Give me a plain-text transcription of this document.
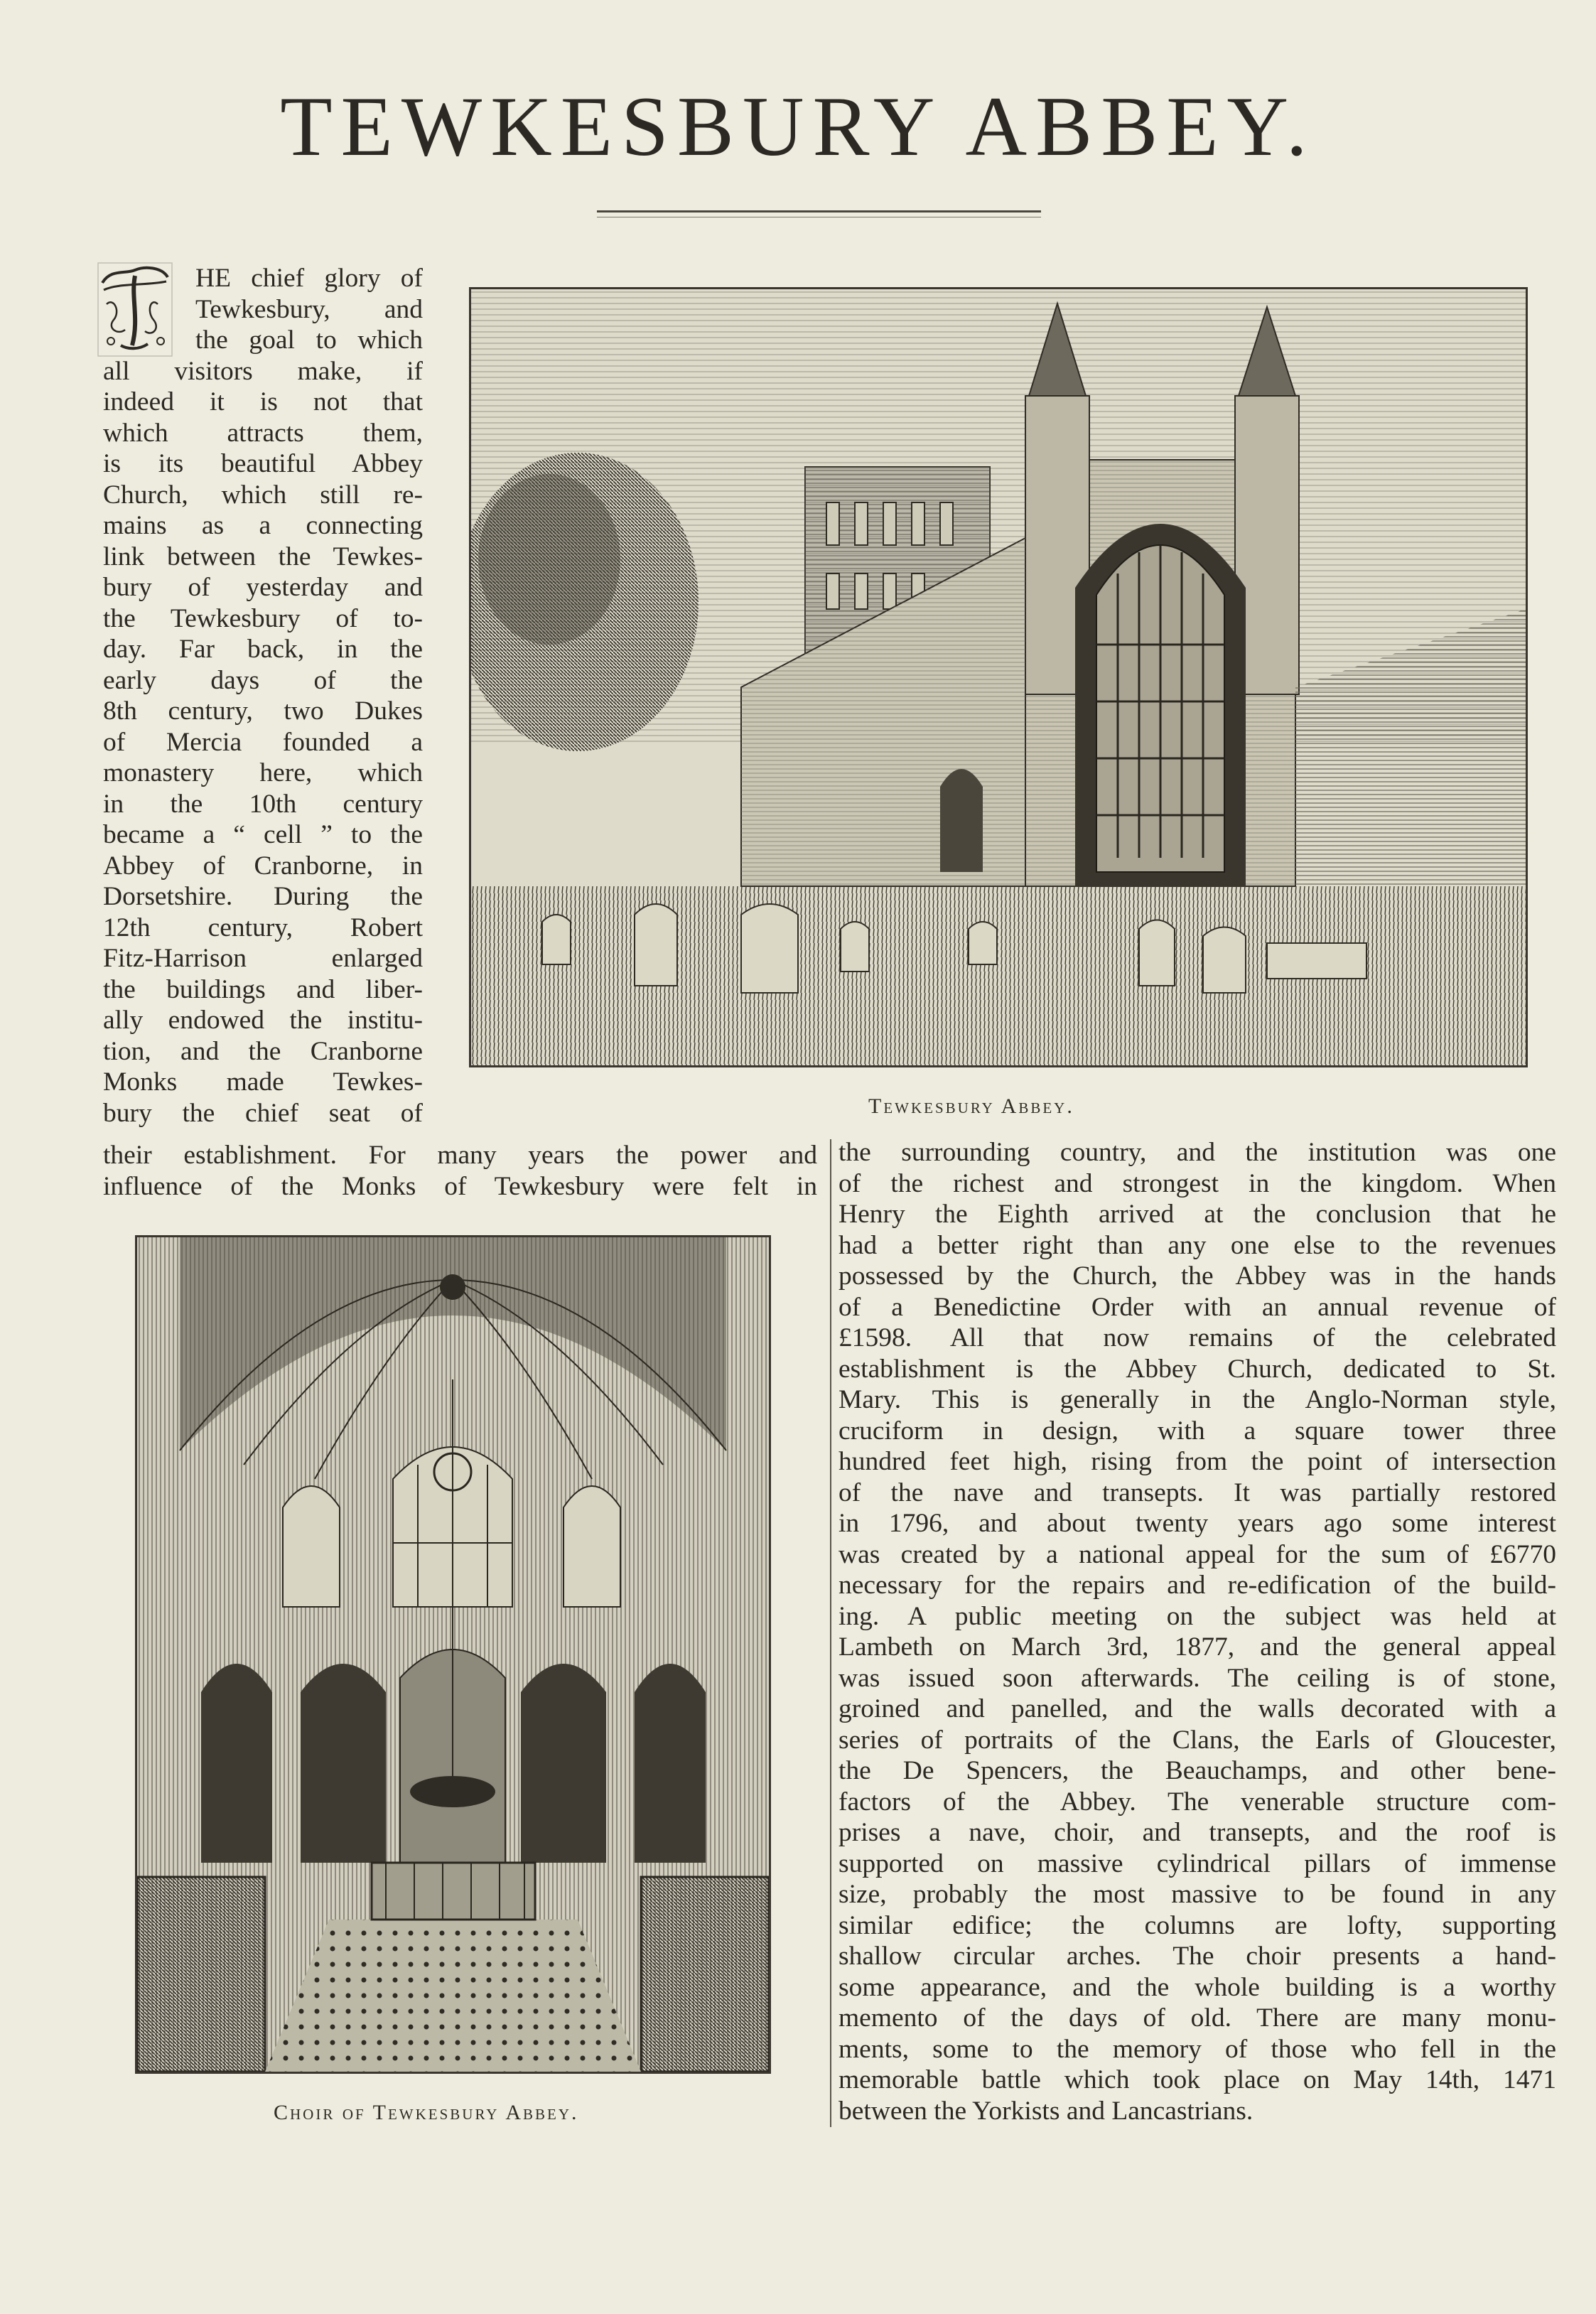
TEWKESBURY ABBEY.
HE chief glory of
Tewkesbury, and
the goal to which
all visitors make, if
indeed it is not that
which attracts them,
is its beautiful Abbey
Church, which still re-
mains as a connecting
link between the Tewkes-
bury of yesterday and
the Tewkesbury of to-
day. Far back, in the
early days of the
8th century, two Dukes
of Mercia founded a
monastery here, which
in the 10th century
became a “ cell ” to the
Abbey of Cranborne, in
Dorsetshire. During the
12th century, Robert
Fitz-Harrison enlarged
the buildings and liber-
ally endowed the institu-
tion, and the Cranborne
Monks made Tewkes-
bury the chief seat of	Tewkesbury Abbey.
their establishment. For many years the power and
influence of the Monks of Tewkesbury were felt in
Choir of Tewkesbury Abbey.
the surrounding country, and the institution was one
of the richest and strongest in the kingdom. When
Henry the Eighth arrived at the conclusion that he
had a better right than any one else to the revenues
possessed by the Church, the Abbey was in the hands
of a Benedictine Order with an annual revenue of
£1598. All that now remains of the celebrated
establishment is the Abbey Church, dedicated to St.
Mary. This is generally in the Anglo-Norman style,
cruciform in design, with a square tower three
hundred feet high, rising from the point of intersection
of the nave and transepts. It was partially restored
in 1796, and about twenty years ago some interest
was created by a national appeal for the sum of £6770
necessary for the repairs and re-edification of the build-
ing. A public meeting on the subject was held at
Lambeth on March 3rd, 1877, and the general appeal
was issued soon afterwards. The ceiling is of stone,
groined and panelled, and the walls decorated with a
series of portraits of the Clans, the Earls of Gloucester,
the De Spencers, the Beauchamps, and other bene-
factors of the Abbey. The venerable structure com-
prises a nave, choir, and transepts, and the roof is
supported on massive cylindrical pillars of immense
size, probably the most massive to be found in any
similar edifice; the columns are lofty, supporting
shallow circular arches. The choir presents a hand-
some appearance, and the whole building is a worthy
memento of the days of old. There are many monu-
ments, some to the memory of those who fell in the
memorable battle which took place on May 14th, 1471
between the Yorkists and Lancastrians.
